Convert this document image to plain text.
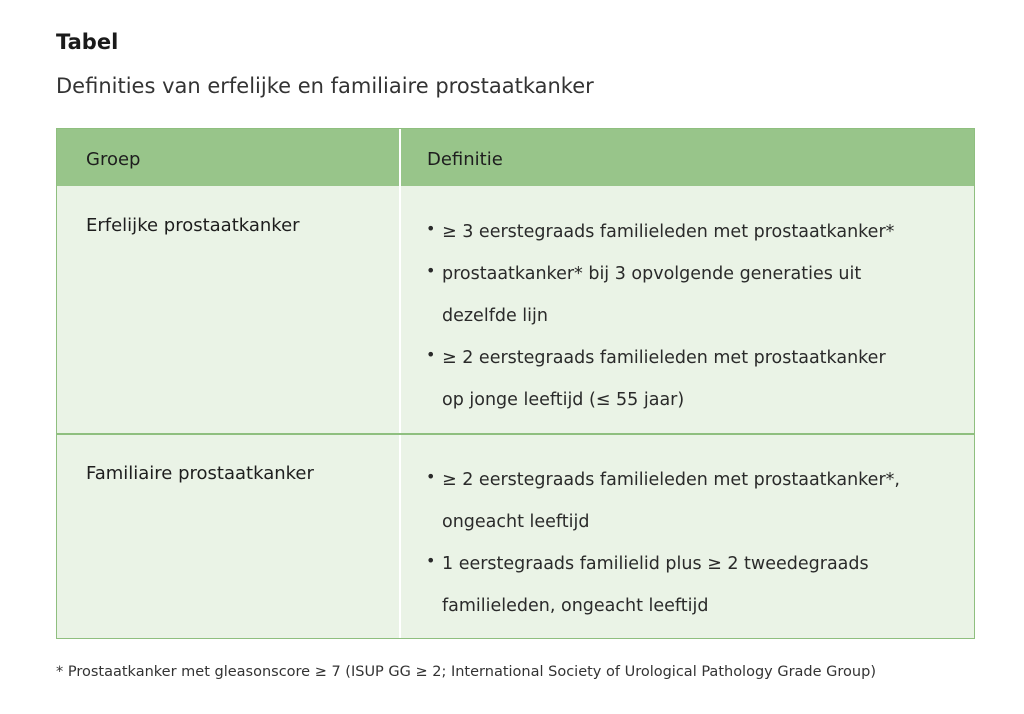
Tabel
Definities van erfelijke en familiaire prostaatkanker
Groep	Definitie
Erfelijke prostaatkanker	• ≥ 3 eerstegraads familieleden met prostaatkanker*
• prostaatkanker* bij 3 opvolgende generaties uit
dezelfde lijn
• ≥ 2 eerstegraads familieleden met prostaatkanker
op jonge leeftijd (≤ 55 jaar)
Familiaire prostaatkanker	• ≥ 2 eerstegraads familieleden met prostaatkanker*,
ongeacht leeftijd
• 1 eerstegraads familielid plus ≥ 2 tweedegraads
familieleden, ongeacht leeftijd
* Prostaatkanker met gleasonscore ≥ 7 (ISUP GG ≥ 2; International Society of Urological Pathology Grade Group)
